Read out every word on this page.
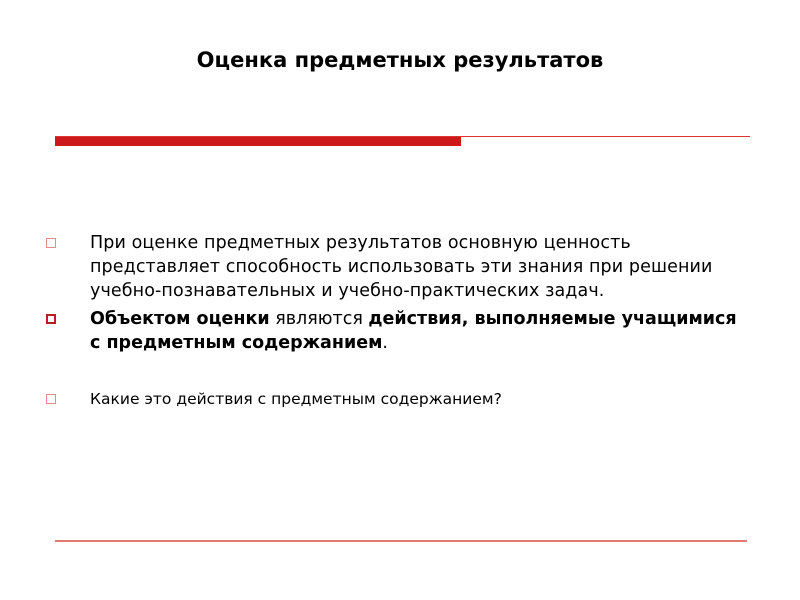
Оценка предметных результатов
При оценке предметных результатов основную ценность представляет способность использовать эти знания при решении учебно-познавательных и учебно-практических задач.
Объектом оценки являются действия, выполняемые учащимися с предметным содержанием.
Какие это действия с предметным содержанием?
